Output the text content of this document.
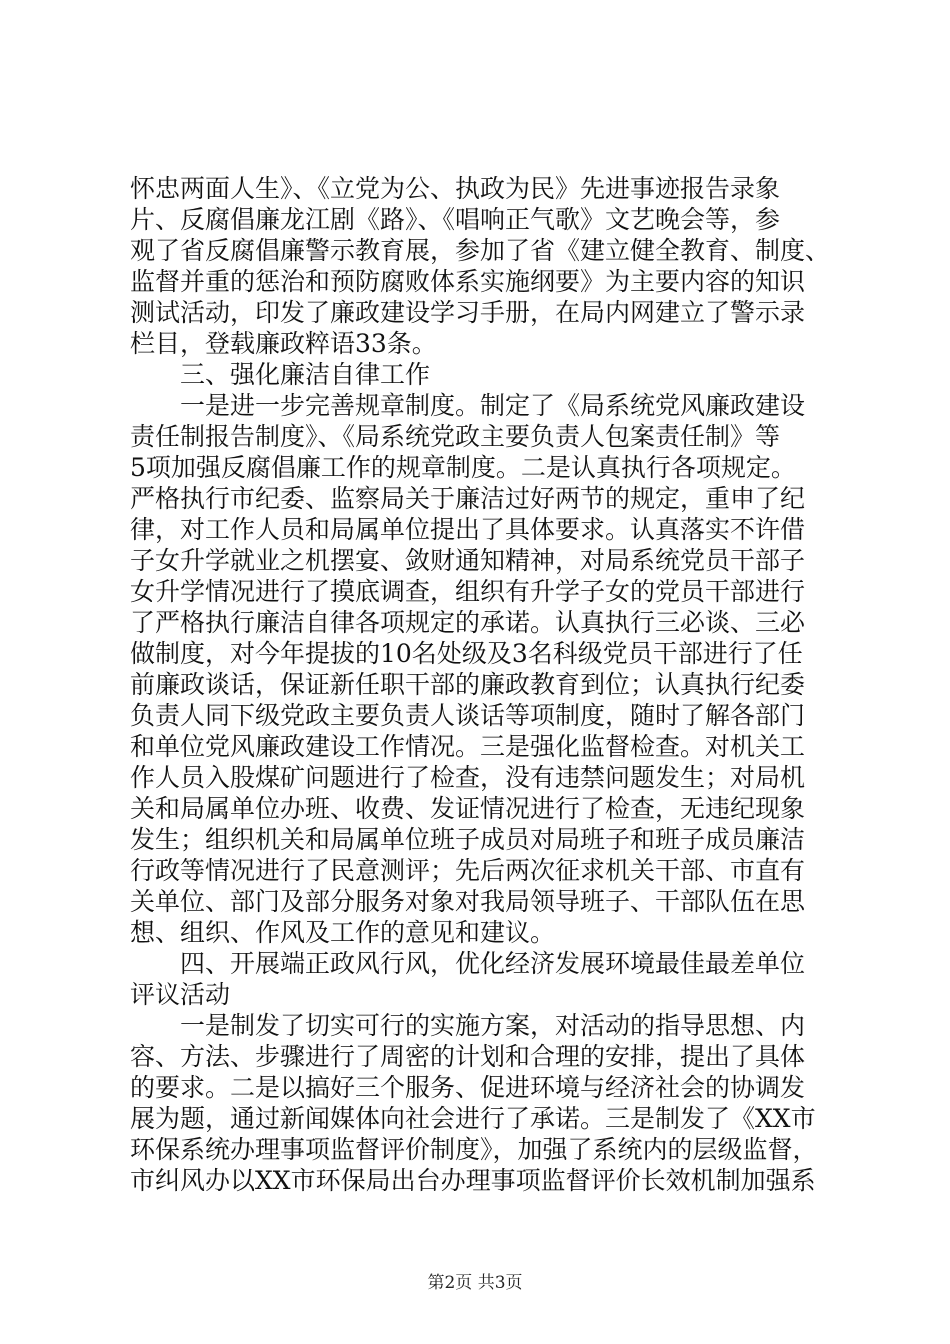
怀忠两面人生》、《立党为公、执政为民》先进事迹报告录象
片、反腐倡廉龙江剧《路》、《唱响正气歌》文艺晚会等，参
观了省反腐倡廉警示教育展，参加了省《建立健全教育、制度、
监督并重的惩治和预防腐败体系实施纲要》为主要内容的知识
测试活动，印发了廉政建设学习手册，在局内网建立了警示录
栏目，登载廉政粹语33条。
三、强化廉洁自律工作
一是进一步完善规章制度。制定了《局系统党风廉政建设
责任制报告制度》、《局系统党政主要负责人包案责任制》等
5项加强反腐倡廉工作的规章制度。二是认真执行各项规定。
严格执行市纪委、监察局关于廉洁过好两节的规定，重申了纪
律，对工作人员和局属单位提出了具体要求。认真落实不许借
子女升学就业之机摆宴、敛财通知精神，对局系统党员干部子
女升学情况进行了摸底调查，组织有升学子女的党员干部进行
了严格执行廉洁自律各项规定的承诺。认真执行三必谈、三必
做制度，对今年提拔的10名处级及3名科级党员干部进行了任
前廉政谈话，保证新任职干部的廉政教育到位；认真执行纪委
负责人同下级党政主要负责人谈话等项制度，随时了解各部门
和单位党风廉政建设工作情况。三是强化监督检查。对机关工
作人员入股煤矿问题进行了检查，没有违禁问题发生；对局机
关和局属单位办班、收费、发证情况进行了检查，无违纪现象
发生；组织机关和局属单位班子成员对局班子和班子成员廉洁
行政等情况进行了民意测评；先后两次征求机关干部、市直有
关单位、部门及部分服务对象对我局领导班子、干部队伍在思
想、组织、作风及工作的意见和建议。
四、开展端正政风行风，优化经济发展环境最佳最差单位
评议活动
一是制发了切实可行的实施方案，对活动的指导思想、内
容、方法、步骤进行了周密的计划和合理的安排，提出了具体
的要求。二是以搞好三个服务、促进环境与经济社会的协调发
展为题，通过新闻媒体向社会进行了承诺。三是制发了《XX市
环保系统办理事项监督评价制度》，加强了系统内的层级监督，
市纠风办以XX市环保局出台办理事项监督评价长效机制加强系
第2页 共3页
